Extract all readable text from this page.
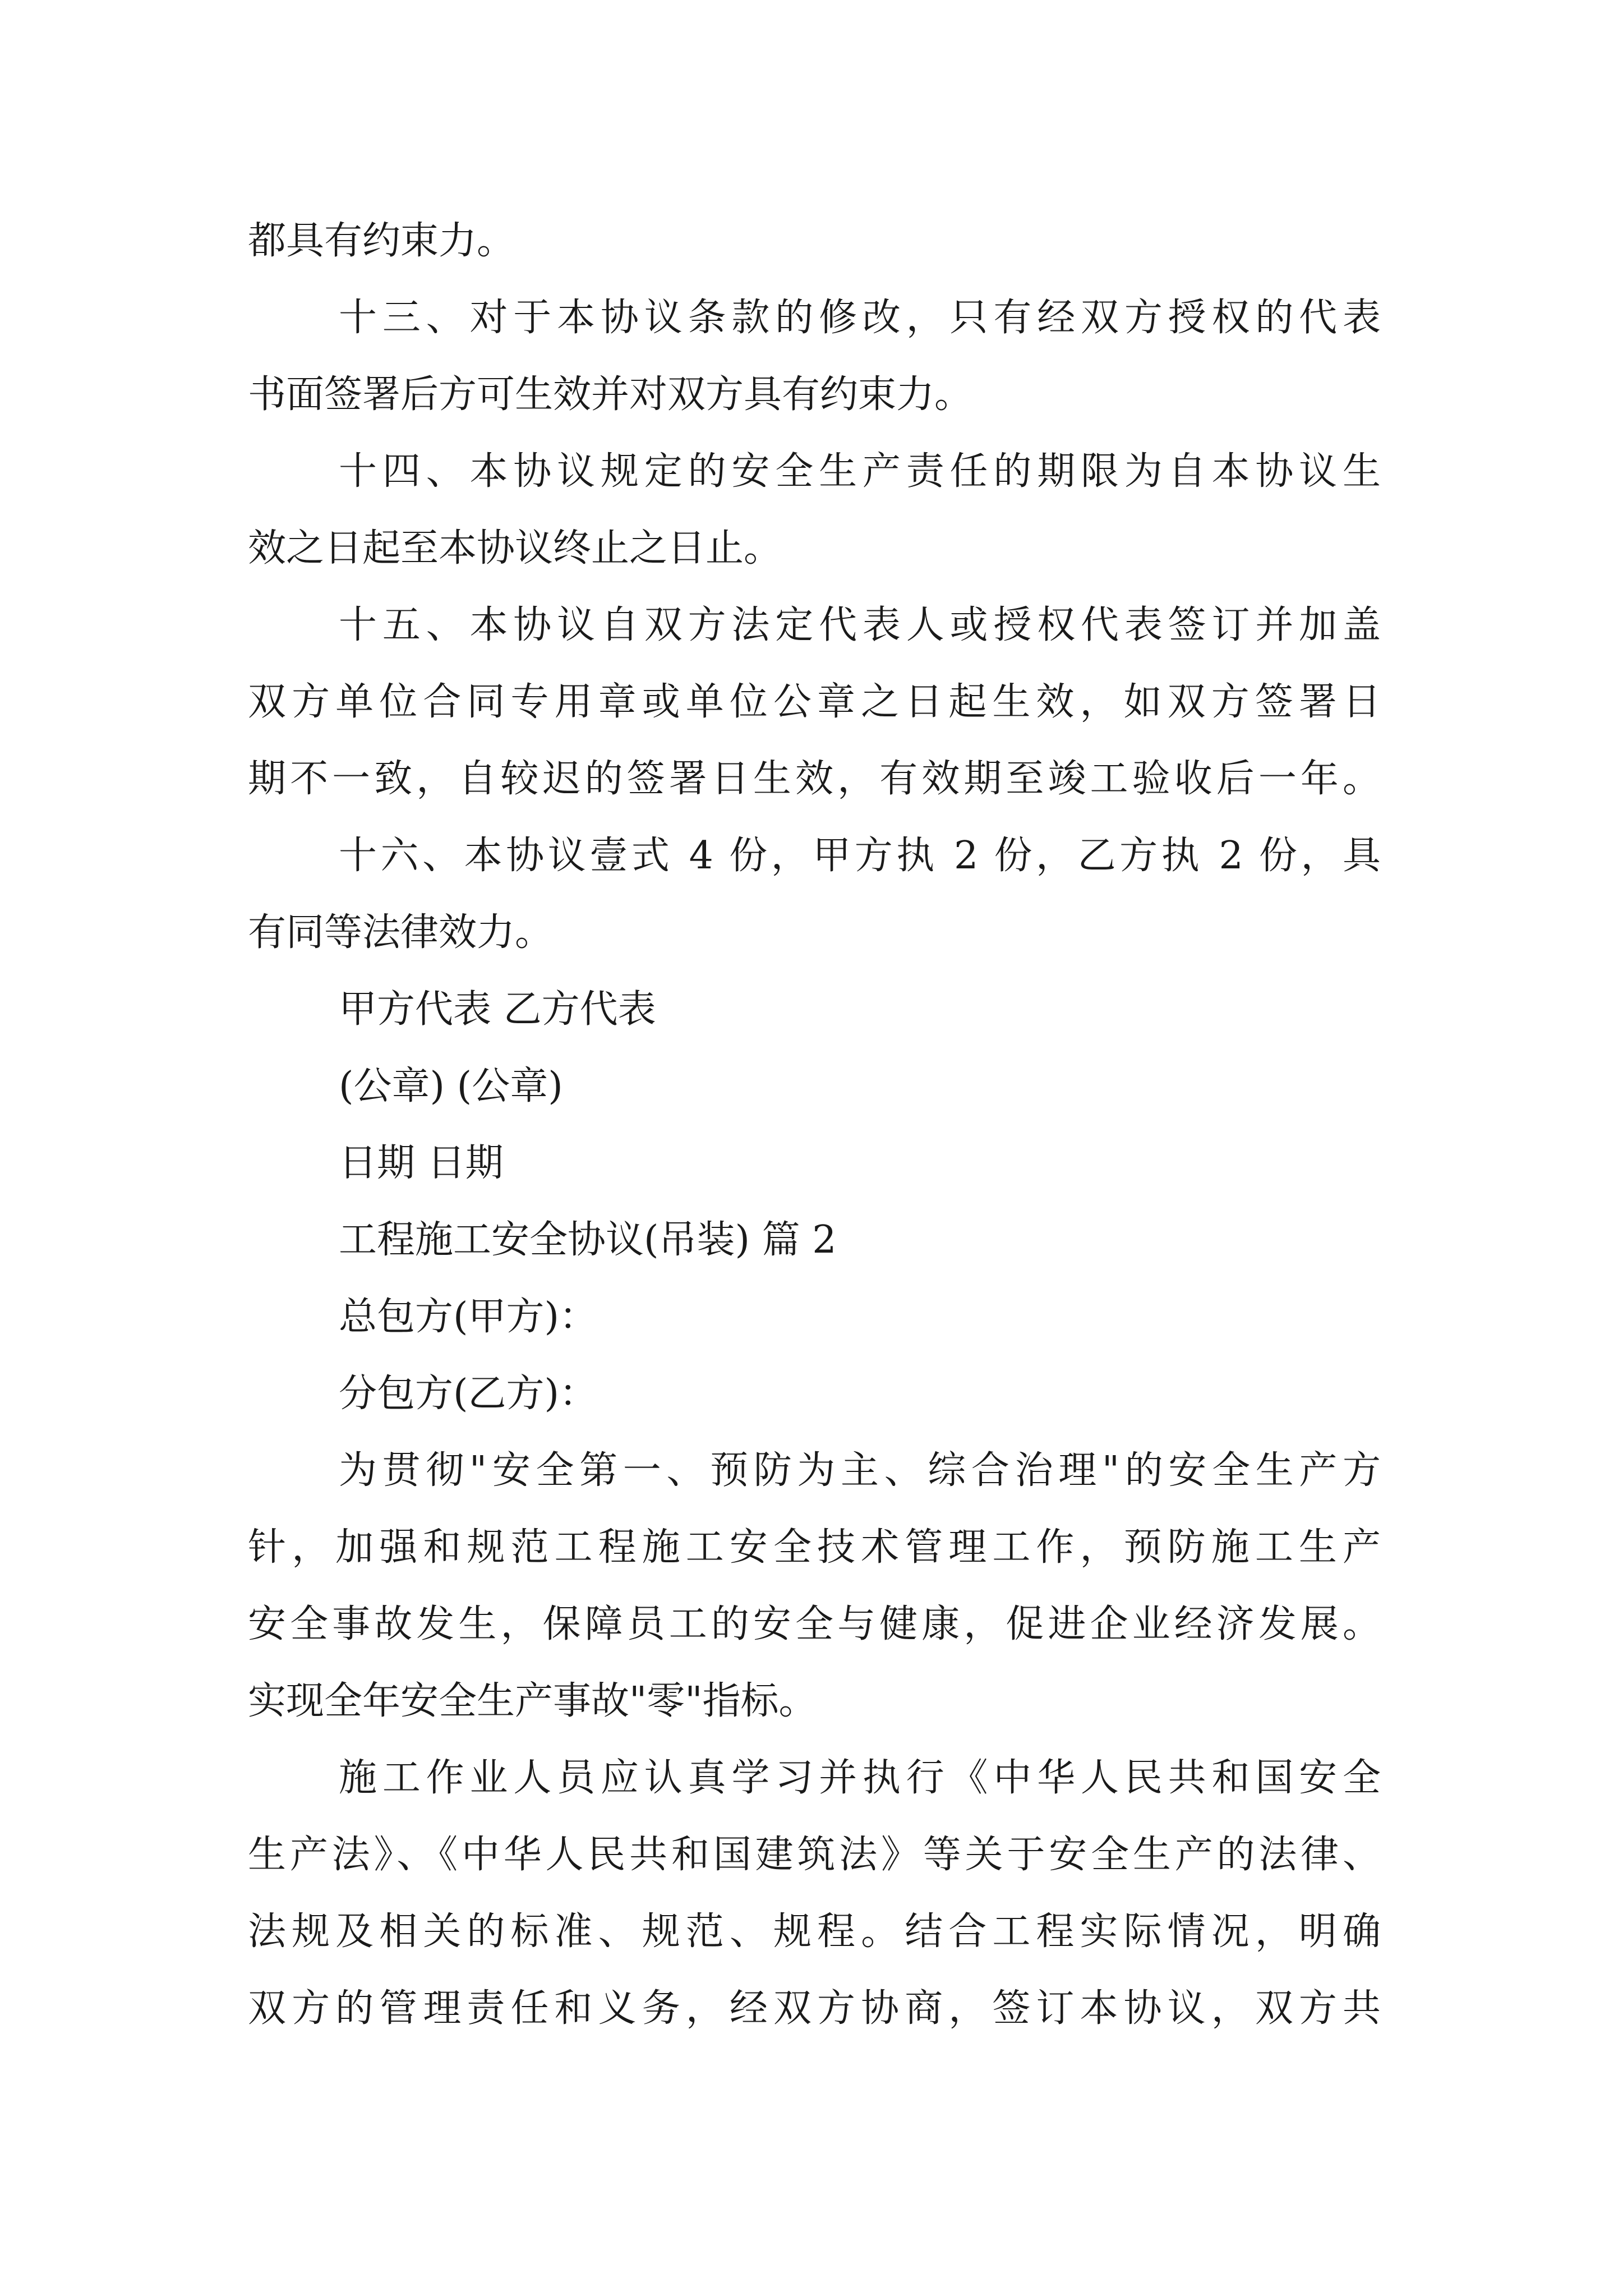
都具有约束力。
十三、对于本协议条款的修改，只有经双方授权的代表
书面签署后方可生效并对双方具有约束力。
十四、本协议规定的安全生产责任的期限为自本协议生
效之日起至本协议终止之日止。
十五、本协议自双方法定代表人或授权代表签订并加盖
双方单位合同专用章或单位公章之日起生效，如双方签署日
期不一致，自较迟的签署日生效，有效期至竣工验收后一年。
十六、本协议壹式 4 份，甲方执 2 份，乙方执 2 份，具
有同等法律效力。
甲方代表 乙方代表
(公章) (公章)
日期 日期
工程施工安全协议(吊装) 篇 2
总包方(甲方)：
分包方(乙方)：
为贯彻"安全第一、预防为主、综合治理"的安全生产方
针，加强和规范工程施工安全技术管理工作，预防施工生产
安全事故发生，保障员工的安全与健康，促进企业经济发展。
实现全年安全生产事故"零"指标。
施工作业人员应认真学习并执行《中华人民共和国安全
生产法》、《中华人民共和国建筑法》等关于安全生产的法律、
法规及相关的标准、规范、规程。结合工程实际情况，明确
双方的管理责任和义务，经双方协商，签订本协议，双方共
